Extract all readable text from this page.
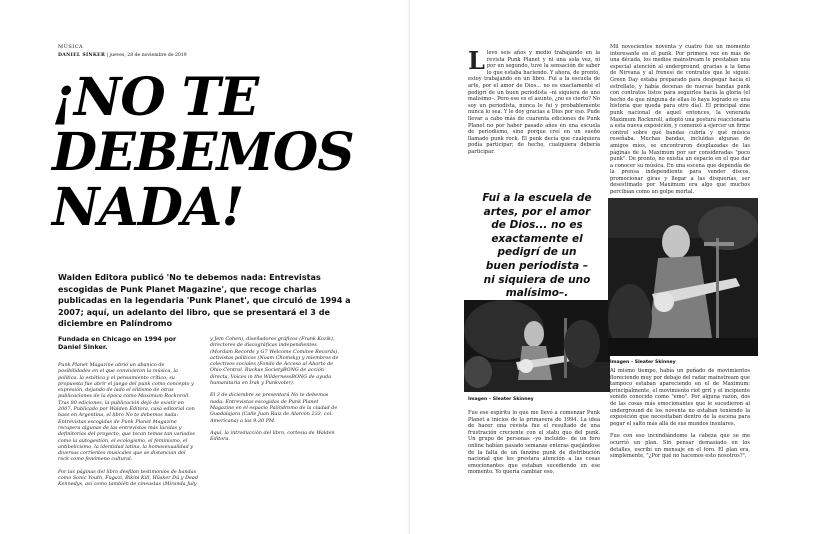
MÚSICA
DANIEL SINKER | jueves, 28 de noviembre de 2019
¡NO TE
DEBEMOS
NADA!

Walden Editora publicó 'No te debemos nada: Entrevistas escogidas de Punk Planet Magazine', que recoge charlas publicadas en la legendaria 'Punk Planet', que circuló de 1994 a 2007; aquí, un adelanto del libro, que se presentará el 3 de diciembre en Palíndromo

Fundada en Chicago en 1994 por Daniel Sinker.

Punk Planet Magazine abrió un abanico de posibilidades en el que convivieron la música, la política, la estética y el pensamiento crítico; su propuesta fue abrir el juego del punk como concepto y expresión, dejando de lado el elitismo de otras publicaciones de la época como Maximum Rocknroll. Tras 80 ediciones, la publicación dejó de existir en 2007. Publicado por Walden Editora, casa editorial con base en Argentina, el libro No te debemos nada: Entrevistas escogidas de Punk Planet Magazine recupera algunas de las entrevistas más lúcidas y definitorias del proyecto, que tocan temas tan variados como la autogestión, el ecologismo, el feminismo, el antibelicismo, la identidad latina, la homosexualidad y diversas corrientes musicales que se distancian del rock como fenómeno cultural.

Por las páginas del libro desfilan testimonios de bandas como Sonic Youth, Fugazi, Bikini Kill, Hüsker Dü y Dead Kennedys, así como también de cineastas (Miranda July

y Jem Cohen), diseñadores gráficos (Frank Kozik), directores de discográficas independientes (Mordam Records y G7 Welcome Comitee Records), activistas políticos (Noam Chomsky) y miembros de colectivos sociales (Fondo de Acceso al Aborto de Ohio Central, Ruckus SocietyBONG de acción directa, Voices in the WildernessBONG de ayuda humanitaria en Irak y Punkvoter).

El 3 de diciembre se presentará No te debemos nada: Entrevistas escogidas de Punk Planet Magazine en el espacio Palíndromo de la ciudad de Guadalajara (Calle Juan Ruiz de Alarcón 233, col. Americana) a las 9:30 PM.

Aquí, la introducción del libro, cortesía de Walden Editora.

Llevo seis años y medio trabajando en la revista Punk Planet y ni una sola vez, ni por un segundo, tuve la sensación de saber lo que estaba haciendo. Y ahora, de pronto, estoy trabajando en un libro. Fui a la escuela de arte, por el amor de Dios... no es exactamente el pedigrí de un buen periodista –ni siquiera de uno malísimo–. Pero ese es el asunto, ¿no es cierto? No soy un periodista, nunca lo fui y probablemente nunca lo sea. Y le doy gracias a Dios por eso. Pude llevar a cabo más de cuarenta ediciones de Punk Planet no por haber pasado años en una escuela de periodismo, sino porque creí en un sueño llamado punk rock. El punk decía que cualquiera podía participar; de hecho, cualquiera debería participar.

Fui a la escuela de artes, por el amor de Dios... no es exactamente el pedigrí de un buen periodista –ni siquiera de uno malísimo–.

Imagen – Sleater Skinney

Fue ese espíritu lo que me llevó a comenzar Punk Planet a inicios de la primavera de 1994. La idea de hacer una revista fue el resultado de una frustración creciente con el statu quo del punk. Un grupo de personas –yo incluido– de un foro online habían pasado semanas enteras quejándose de la falta de un fanzine punk de distribución nacional que les prestara atención a las cosas emocionantes que estaban sucediendo en ese momento. Yo quería cambiar eso.

Mil novecientos noventa y cuatro fue un momento interesante en el punk. Por primera vez en más de una década, los medios mainstream le prestaban una especial atención al underground, gracias a la fama de Nirvana y al frenesí de contratos que le siguió. Green Day estaba preparado para despegar hacia el estrellato, y había decenas de nuevas bandas punk con contratos listos para seguirlos hacia la gloria (el hecho de que ninguna de ellas lo haya logrado es una historia que queda para otro día). El principal zine punk nacional de aquel entonces, la venerada Maximum Rocknroll, adoptó una postura reaccionaria a esta nueva exposición, y comenzó a ejercer un firme control sobre qué bandas cubría y qué música reseñaba. Muchas bandas, incluidas algunas de amigos míos, se encontraron desplazadas de las páginas de la Maximum por ser consideradas "poco punk". De pronto, no existía un espacio en el que dar a conocer su música. En una escena que dependía de la prensa independiente para vender discos, promocionar giras y llegar a las disquerías, ser desestimado por Maximum era algo que muchos percibían como un golpe mortal.

Imagen – Sleater Skinney

Al mismo tiempo, había un puñado de movimientos floreciendo muy por debajo del radar mainstream que tampoco estaban apareciendo en el de Maximum: principalmente, el movimiento riot grrl y el incipiente sonido conocido como "emo". Por alguna razón, dos de las cosas más emocionantes que le sucedieron al underground de los noventa no estaban teniendo la exposición que necesitaban dentro de la escena para pegar el salto más allá de sus mundos insulares.

Fue con eso incendiándome la cabeza que se me ocurrió un plan. Sin pensar demasiado en los detalles, escribí un mensaje en el foro. El plan era, simplemente, "¿Por qué no hacemos esto nosotros?".
